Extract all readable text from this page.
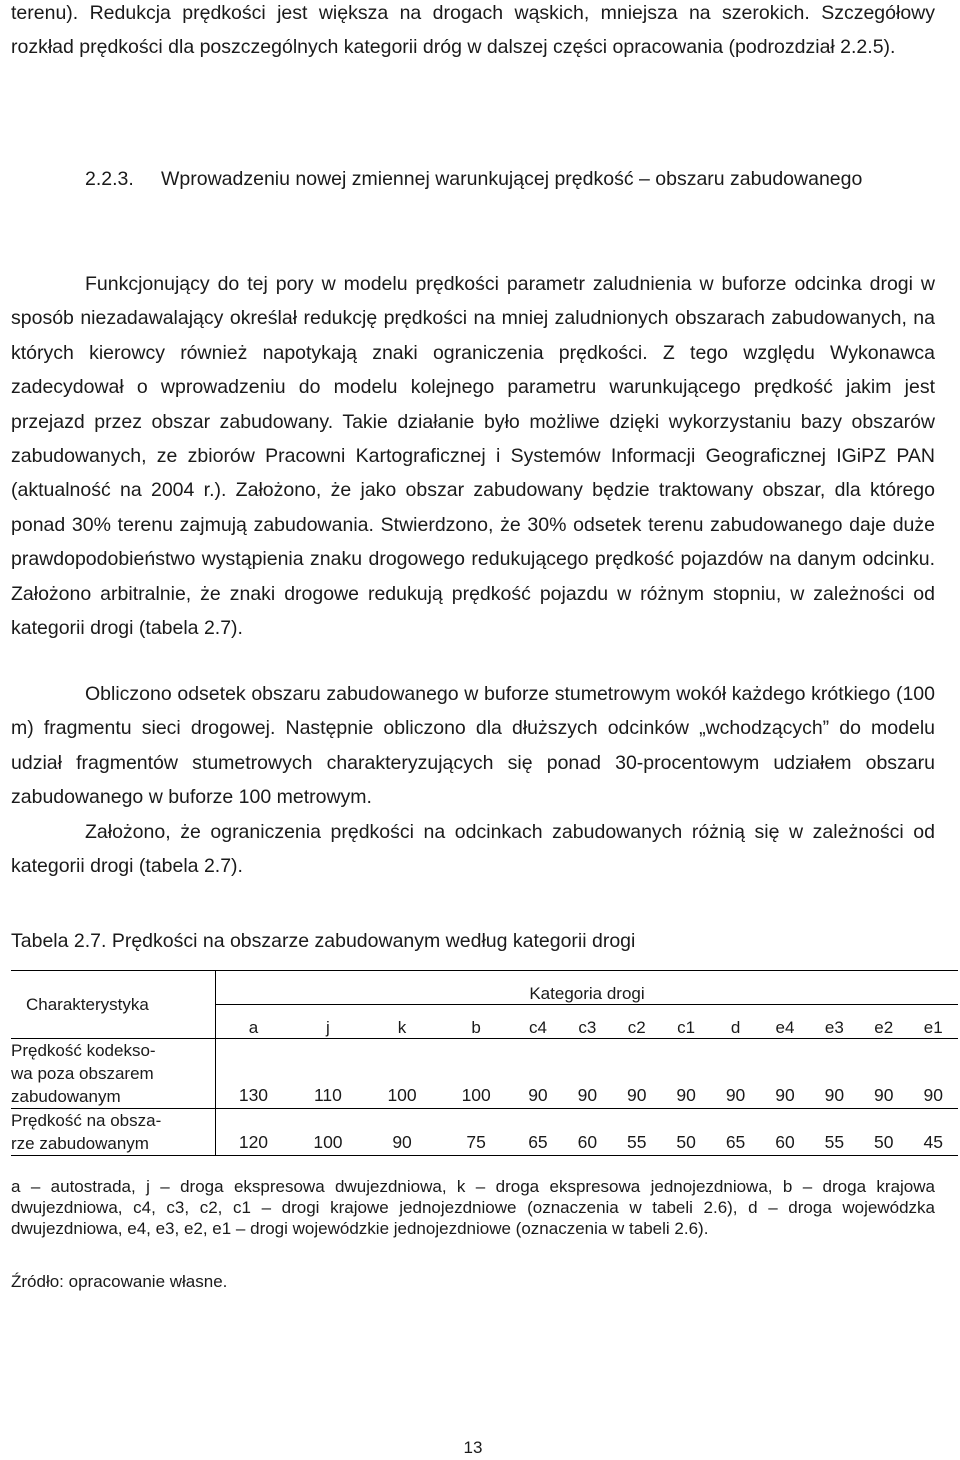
terenu). Redukcja prędkości jest większa na drogach wąskich, mniejsza na szerokich. Szczegółowy rozkład prędkości dla poszczególnych kategorii dróg w dalszej części opracowania (podrozdział 2.2.5).

2.2.3. Wprowadzeniu nowej zmiennej warunkującej prędkość – obszaru zabudowanego

Funkcjonujący do tej pory w modelu prędkości parametr zaludnienia w buforze odcinka drogi w sposób niezadawalający określał redukcję prędkości na mniej zaludnionych obszarach zabudowanych, na których kierowcy również napotykają znaki ograniczenia prędkości. Z tego względu Wykonawca zadecydował o wprowadzeniu do modelu kolejnego parametru warunkującego prędkość jakim jest przejazd przez obszar zabudowany. Takie działanie było możliwe dzięki wykorzystaniu bazy obszarów zabudowanych, ze zbiorów Pracowni Kartograficznej i Systemów Informacji Geograficznej IGiPZ PAN (aktualność na 2004 r.). Założono, że jako obszar zabudowany będzie traktowany obszar, dla którego ponad 30% terenu zajmują zabudowania. Stwierdzono, że 30% odsetek terenu zabudowanego daje duże prawdopodobieństwo wystąpienia znaku drogowego redukującego prędkość pojazdów na danym odcinku. Założono arbitralnie, że znaki drogowe redukują prędkość pojazdu w różnym stopniu, w zależności od kategorii drogi (tabela 2.7).

Obliczono odsetek obszaru zabudowanego w buforze stumetrowym wokół każdego krótkiego (100 m) fragmentu sieci drogowej. Następnie obliczono dla dłuższych odcinków „wchodzących” do modelu udział fragmentów stumetrowych charakteryzujących się ponad 30-procentowym udziałem obszaru zabudowanego w buforze 100 metrowym.

Założono, że ograniczenia prędkości na odcinkach zabudowanych różnią się w zależności od kategorii drogi (tabela 2.7).

Tabela 2.7. Prędkości na obszarze zabudowanym według kategorii drogi
Charakterystyka	Kategoria drogi												
	a	j	k	b	c4	c3	c2	c1	d	e4	e3	e2	e1

Prędkość kodekso-
wa poza obszarem
zabudowanym	130	110	100	100	90	90	90	90	90	90	90	90	90

Prędkość na obsza-
rze zabudowanym	120	100	90	75	65	60	55	50	65	60	55	50	45
a – autostrada, j – droga ekspresowa dwujezdniowa, k – droga ekspresowa jednojezdniowa, b – droga krajowa dwujezdniowa, c4, c3, c2, c1 – drogi krajowe jednojezdniowe (oznaczenia w tabeli 2.6), d – droga wojewódzka dwujezdniowa, e4, e3, e2, e1 – drogi wojewódzkie jednojezdniowe (oznaczenia w tabeli 2.6).
Źródło: opracowanie własne.
13
